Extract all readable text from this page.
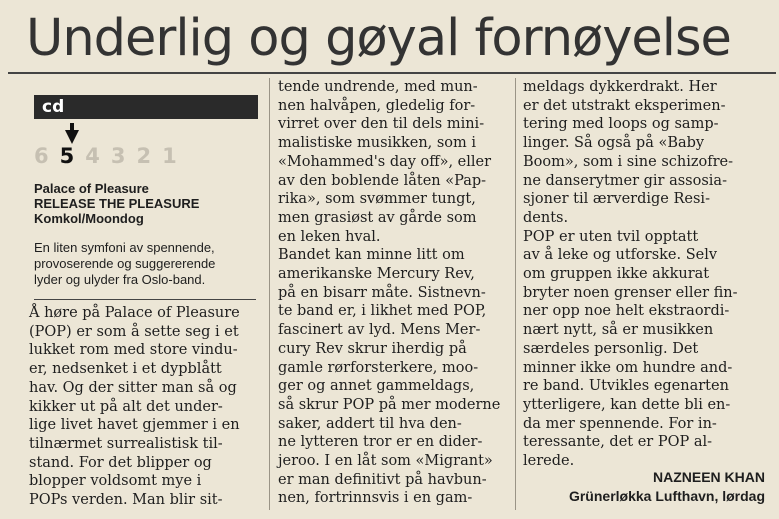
Underlig og gøyal fornøyelse
cd
6 5 4 3 2 1
Palace of Pleasure
RELEASE THE PLEASURE
Komkol/Moondog
En liten symfoni av spennende,
provoserende og suggererende
lyder og ulyder fra Oslo-band.
Å høre på Palace of Pleasure
(POP) er som å sette seg i et
lukket rom med store vindu-
er, nedsenket i et dypblått
hav. Og der sitter man så og
kikker ut på alt det under-
lige livet havet gjemmer i en
tilnærmet surrealistisk til-
stand. For det blipper og
blopper voldsomt mye i
POPs verden. Man blir sit-
tende undrende, med mun-
nen halvåpen, gledelig for-
virret over den til dels mini-
malistiske musikken, som i
«Mohammed's day off», eller
av den boblende låten «Pap-
rika», som svømmer tungt,
men grasiøst av gårde som
en leken hval.
Bandet kan minne litt om
amerikanske Mercury Rev,
på en bisarr måte. Sistnevn-
te band er, i likhet med POP,
fascinert av lyd. Mens Mer-
cury Rev skrur iherdig på
gamle rørforsterkere, moo-
ger og annet gammeldags,
så skrur POP på mer moderne
saker, addert til hva den-
ne lytteren tror er en dider-
jeroo. I en låt som «Migrant»
er man definitivt på havbun-
nen, fortrinnsvis i en gam-
meldags dykkerdrakt. Her
er det utstrakt eksperimen-
tering med loops og samp-
linger. Så også på «Baby
Boom», som i sine schizofre-
ne danserytmer gir assosia-
sjoner til ærverdige Resi-
dents.
POP er uten tvil opptatt
av å leke og utforske. Selv
om gruppen ikke akkurat
bryter noen grenser eller fin-
ner opp noe helt ekstraordi-
nært nytt, så er musikken
særdeles personlig. Det
minner ikke om hundre and-
re band. Utvikles egenarten
ytterligere, kan dette bli en-
da mer spennende. For in-
teressante, det er POP al-
lerede.
NAZNEEN KHAN
Grünerløkka Lufthavn, lørdag
